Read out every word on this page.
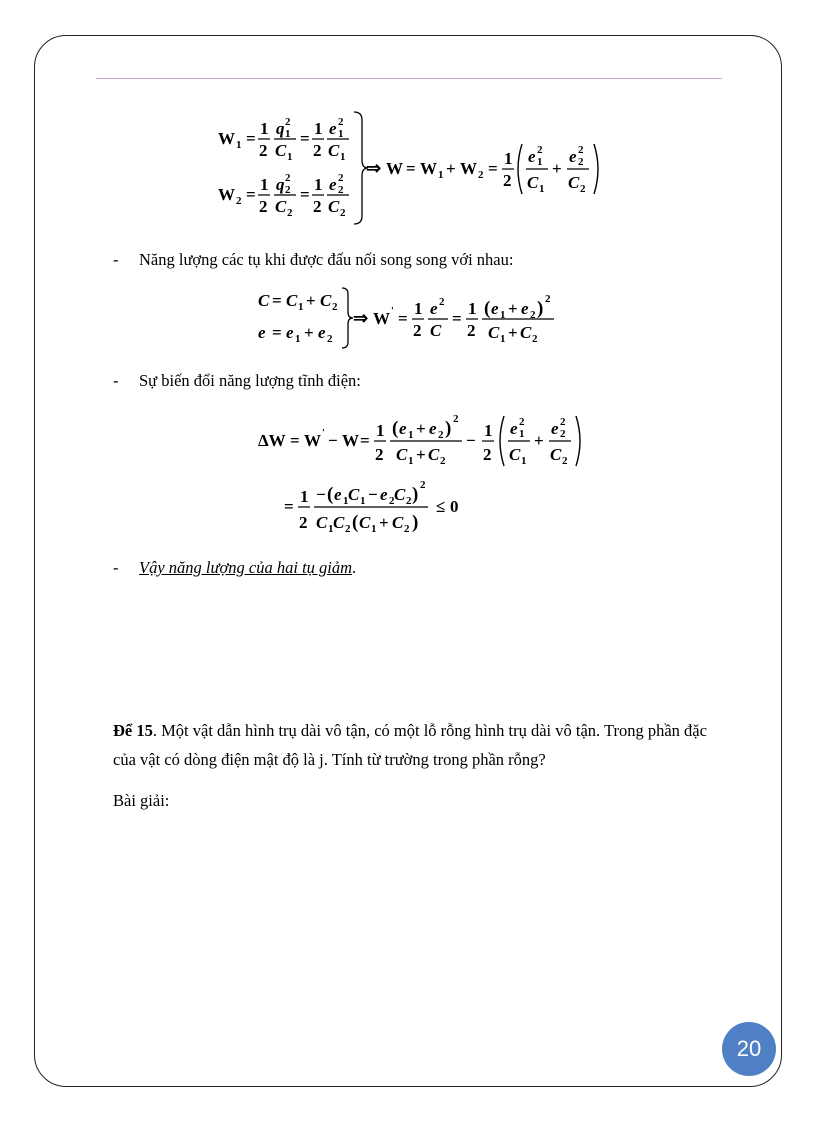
W 1 =
1
2
q 2
1
C 1
=
1
2
e 2
1
C 1
W 2 =
1
2
q 2
2
C 2
=
1
2
e 2
2
C 2
⇒ W = W 1 + W 2 =
1
2
e 2
1
C 1
+
e 2
2
C 2
- Năng lượng các tụ khi được đấu nối song song với nhau:
C = C 1 + C 2
e = e 1 + e 2
⇒ W ' =
1
2
e 2
C
=
1
2
( e 1 + e 2 ) 2
C 1 + C 2
- Sự biến đổi năng lượng tĩnh điện:
ΔW = W ' − W =
1
2
( e 1 + e 2 ) 2
C 1 + C 2
−
1
2
e 2
1
C 1
+
e 2
2
C 2
=
1
2
− ( e 1 C 1 − e 2 C 2 ) 2
C 1 C 2 ( C 1 + C 2 )
≤ 0
- Vậy năng lượng của hai tụ giảm.
Để 15. Một vật dẫn hình trụ dài vô tận, có một lỗ rỗng hình trụ dài vô tận. Trong phần đặc của vật có dòng điện mật độ là j. Tính từ trường trong phần rỗng?
Bài giải:
20
